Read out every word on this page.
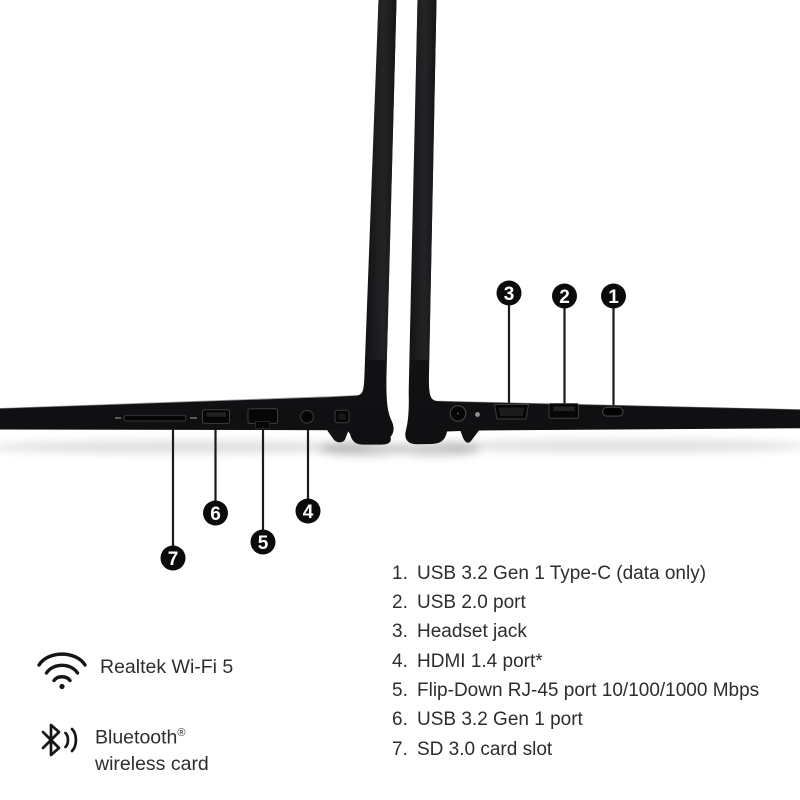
3 2 1
4
5
6
7
1. USB 3.2 Gen 1 Type-C (data only)
2. USB 2.0 port
3. Headset jack
4. HDMI 1.4 port*
5. Flip-Down RJ-45 port 10/100/1000 Mbps
6. USB 3.2 Gen 1 port
7. SD 3.0 card slot
Realtek Wi-Fi 5
Bluetooth®
wireless card
